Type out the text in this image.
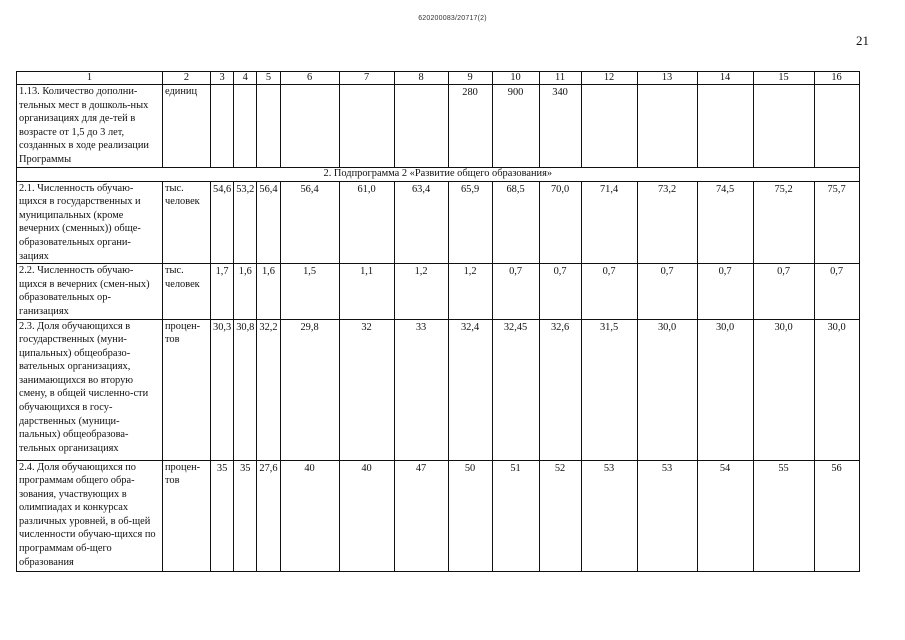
620200083/20717(2)
21
1	2	3	4	5	6	7	8	9	10	11	12	13	14	15	16
1.13. Количество дополни-тельных мест в дошколь-ных организациях для де-тей в возрасте от 1,5 до 3 лет, созданных в ходе реализации Программы	единиц							280	900	340					
2. Подпрограмма 2 «Развитие общего образования»															
2.1. Численность обучаю-щихся в государственных и муниципальных (кроме вечерних (сменных)) обще-образовательных органи-зациях	тыс. человек	54,6	53,2	56,4	56,4	61,0	63,4	65,9	68,5	70,0	71,4	73,2	74,5	75,2	75,7
2.2. Численность обучаю-щихся в вечерних (смен-ных) образовательных ор-ганизациях	тыс. человек	1,7	1,6	1,6	1,5	1,1	1,2	1,2	0,7	0,7	0,7	0,7	0,7	0,7	0,7
2.3. Доля обучающихся в государственных (муни-ципальных) общеобразо-вательных организациях, занимающихся во вторую смену, в общей численно-сти обучающихся в госу-дарственных (муници-пальных) общеобразова-тельных организациях	процен-тов	30,3	30,8	32,2	29,8	32	33	32,4	32,45	32,6	31,5	30,0	30,0	30,0	30,0
2.4. Доля обучающихся по программам общего обра-зования, участвующих в олимпиадах и конкурсах различных уровней, в об-щей численности обучаю-щихся по программам об-щего образования	процен-тов	35	35	27,6	40	40	47	50	51	52	53	53	54	55	56
